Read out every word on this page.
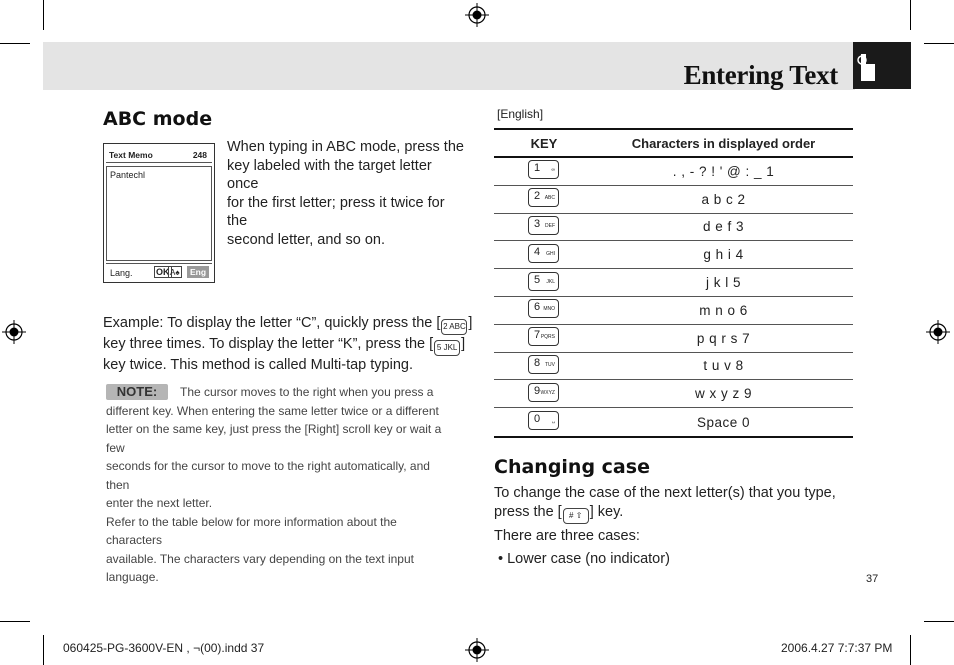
Entering Text
ABC mode
Text Memo	248
Pantechl
Lang.	OK A♠	Eng
When typing in ABC mode, press the
key labeled with the target letter once
for the first letter; press it twice for the
second letter, and so on.
Example: To display the letter “C”, quickly press the [ 2 ABC ]
key three times. To display the letter “K”, press the [ 5 JKL ]
key twice. This method is called Multi-tap typing.
NOTE:	The cursor moves to the right when you press a
different key. When entering the same letter twice or a different
letter on the same key, just press the [Right] scroll key or wait a few
seconds for the cursor to move to the right automatically, and then
enter the next letter.
Refer to the table below for more information about the characters
available. The characters vary depending on the text input
language.
[English]
KEY	Characters in displayed order
1 ∞	. , - ? ! ' @ : _ 1
2 ABC	a b c 2
3 DEF	d e f 3
4 GHI	g h i 4
5 JKL	j k l 5
6 MNO	m n o 6
7 PQRS	p q r s 7
8 TUV	t u v 8
9 WXYZ	w x y z 9
0 ␣	Space 0
Changing case
To change the case of the next letter(s) that you type,
press the [ # ⇧ ] key.
There are three cases:
• Lower case (no indicator)
37
060425-PG-3600V-EN , ¬(00).indd 37	2006.4.27 7:7:37 PM
